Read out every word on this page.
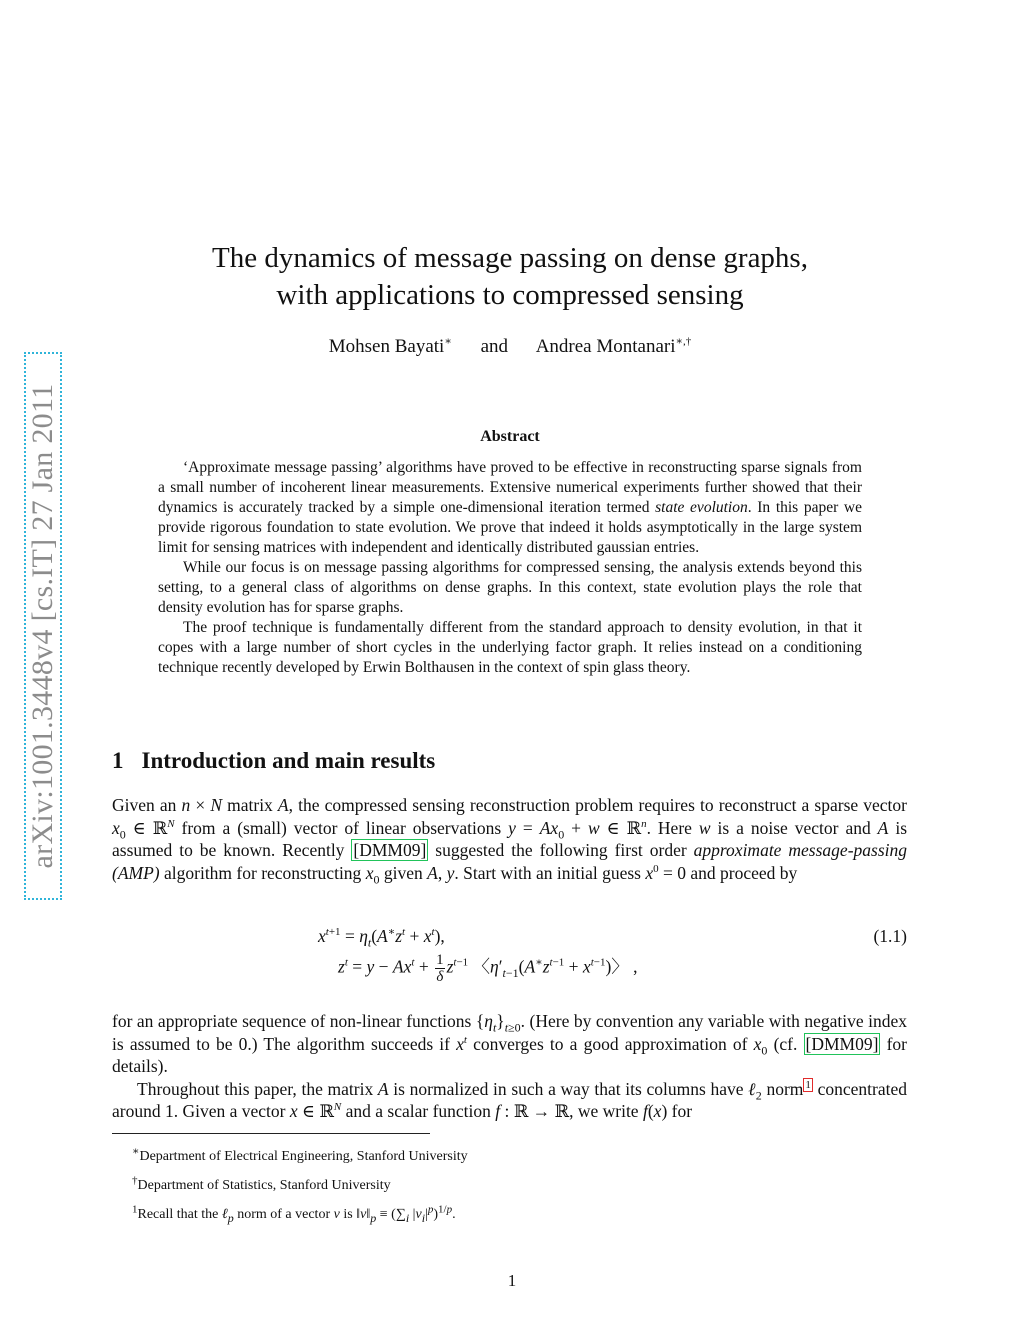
arXiv:1001.3448v4 [cs.IT] 27 Jan 2011
The dynamics of message passing on dense graphs,
with applications to compressed sensing
Mohsen Bayati∗ and Andrea Montanari∗,†
Abstract

‘Approximate message passing’ algorithms have proved to be effective in reconstructing sparse signals from a small number of incoherent linear measurements. Extensive numerical experiments further showed that their dynamics is accurately tracked by a simple one-dimensional iteration termed state evolution. In this paper we provide rigorous foundation to state evolution. We prove that indeed it holds asymptotically in the large system limit for sensing matrices with independent and identically distributed gaussian entries.

While our focus is on message passing algorithms for compressed sensing, the analysis extends beyond this setting, to a general class of algorithms on dense graphs. In this context, state evolution plays the role that density evolution has for sparse graphs.

The proof technique is fundamentally different from the standard approach to density evolution, in that it copes with a large number of short cycles in the underlying factor graph. It relies instead on a conditioning technique recently developed by Erwin Bolthausen in the context of spin glass theory.

1 Introduction and main results

Given an n × N matrix A, the compressed sensing reconstruction problem requires to reconstruct a sparse vector $x_0$ ∈ ℝ$^N$ from a (small) vector of linear observations $y = Ax_0 + w$ ∈ ℝ$^n$. Here w is a noise vector and A is assumed to be known. Recently [DMM09] suggested the following first order approximate message-passing (AMP) algorithm for reconstructing $x_0$ given A, y. Start with an initial guess $x^0 = 0$ and proceed by

$x^{t+1} = \eta_t(A^∗z^t + x^t)$,	(1.1)
$z^t = y - Ax^t + \frac{1}{\delta} z^{t-1}$ 〈$\eta'_{t-1}(A^∗z^{t-1} + x^{t-1})$〉 ,

for an appropriate sequence of non-linear functions $\{\eta_t\}_{t\ge 0}$. (Here by convention any variable with negative index is assumed to be 0.) The algorithm succeeds if $x^t$ converges to a good approximation of $x_0$ (cf. [DMM09] for details).

Throughout this paper, the matrix A is normalized in such a way that its columns have ℓ$_2$ norm $^1$ concentrated around 1. Given a vector x ∈ ℝ$^N$ and a scalar function f : ℝ → ℝ, we write f(x) for

∗Department of Electrical Engineering, Stanford University
†Department of Statistics, Stanford University
$^1$Recall that the ℓ$_p$ norm of a vector v is $‖v‖_p \equiv (\sum_i$ $|v_i|^p)^{1/p}$.
1
